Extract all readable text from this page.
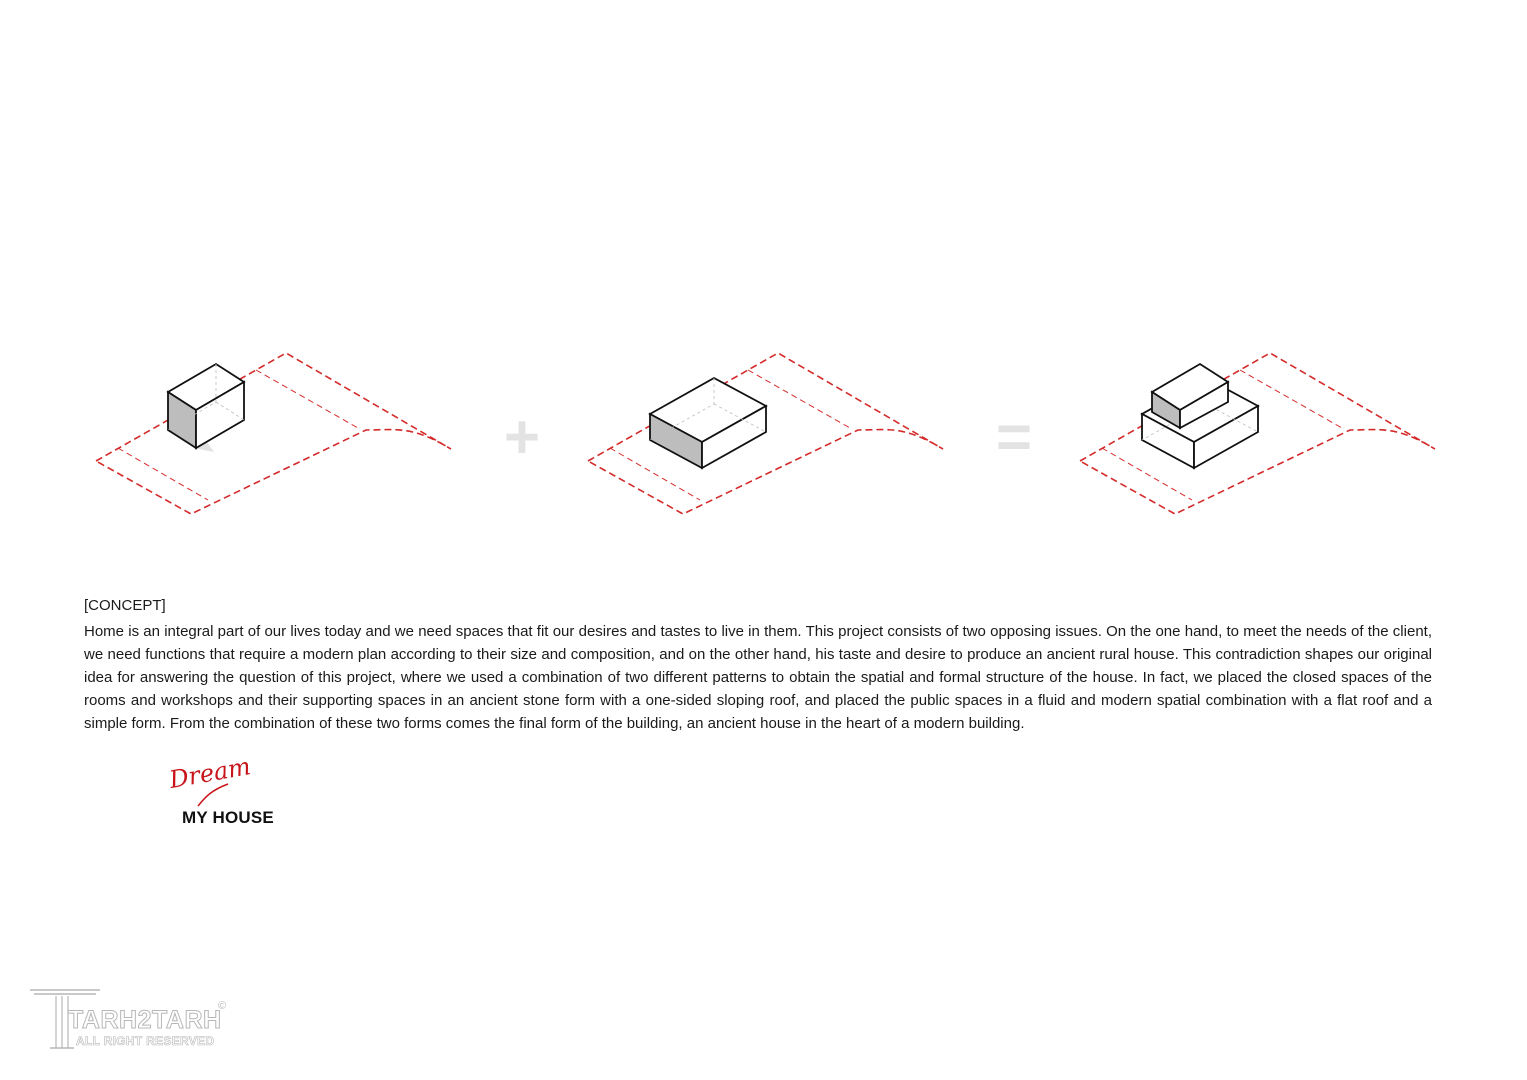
+	=
[CONCEPT]

Home is an integral part of our lives today and we need spaces that fit our desires and tastes to live in them. This project consists of two opposing issues. On the one hand, to meet the needs of the client, we need functions that require a modern plan according to their size and composition, and on the other hand, his taste and desire to produce an ancient rural house. This contradiction shapes our original idea for answering the question of this project, where we used a combination of two different patterns to obtain the spatial and formal structure of the house. In fact, we placed the closed spaces of the rooms and workshops and their supporting spaces in an ancient stone form with a one-sided sloping roof, and placed the public spaces in a fluid and modern spatial combination with a flat roof and a simple form. From the combination of these two forms comes the final form of the building, an ancient house in the heart of a modern building.

Dream
MY HOUSE
TARH2TARH
ALL RIGHT RESERVED
©
